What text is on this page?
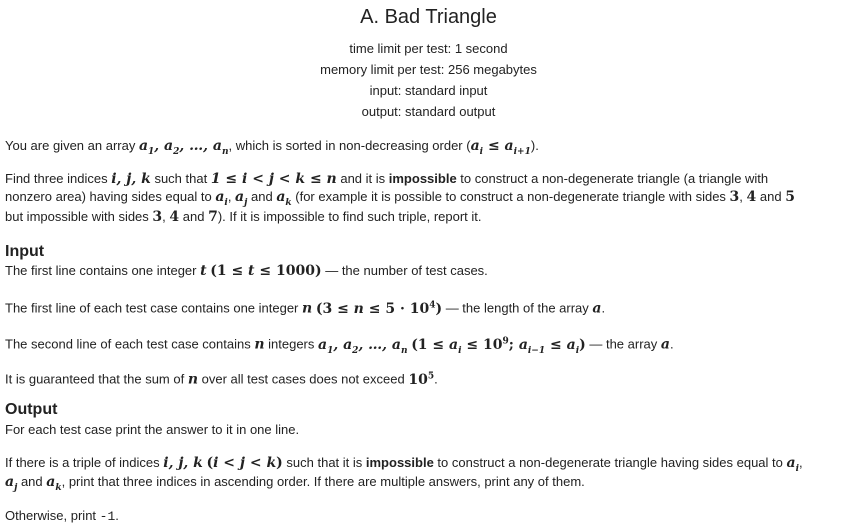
A. Bad Triangle
time limit per test: 1 second
memory limit per test: 256 megabytes
input: standard input
output: standard output
You are given an array $a_1$, $a_2$, …, $a_n$, which is sorted in non-decreasing order $(a_i \le a_{i+1})$.
Find three indices i, j, k such that 1 ≤ i < j < k ≤ n and it is impossible to construct a non-degenerate triangle (a triangle with
nonzero area) having sides equal to $a_i$, $a_j$ and $a_k$ (for example it is possible to construct a non-degenerate triangle with sides 3, 4 and 5
but impossible with sides 3, 4 and 7). If it is impossible to find such triple, report it.
Input
The first line contains one integer t (1 ≤ t ≤ 1000) — the number of test cases.
The first line of each test case contains one integer n $(3 \le n \le 5 \cdot 10^4)$ — the length of the array a.
The second line of each test case contains n integers $a_1$, $a_2$, …, $a_n$ ($1 \le a_i \le 10^9$; $a_{i-1} \le a_i$) — the array a.
It is guaranteed that the sum of n over all test cases does not exceed $10^5$.
Output
For each test case print the answer to it in one line.
If there is a triple of indices i, j, k (i < j < k) such that it is impossible to construct a non-degenerate triangle having sides equal to $a_i$,
$a_j$ and $a_k$, print that three indices in ascending order. If there are multiple answers, print any of them.
Otherwise, print -1.
